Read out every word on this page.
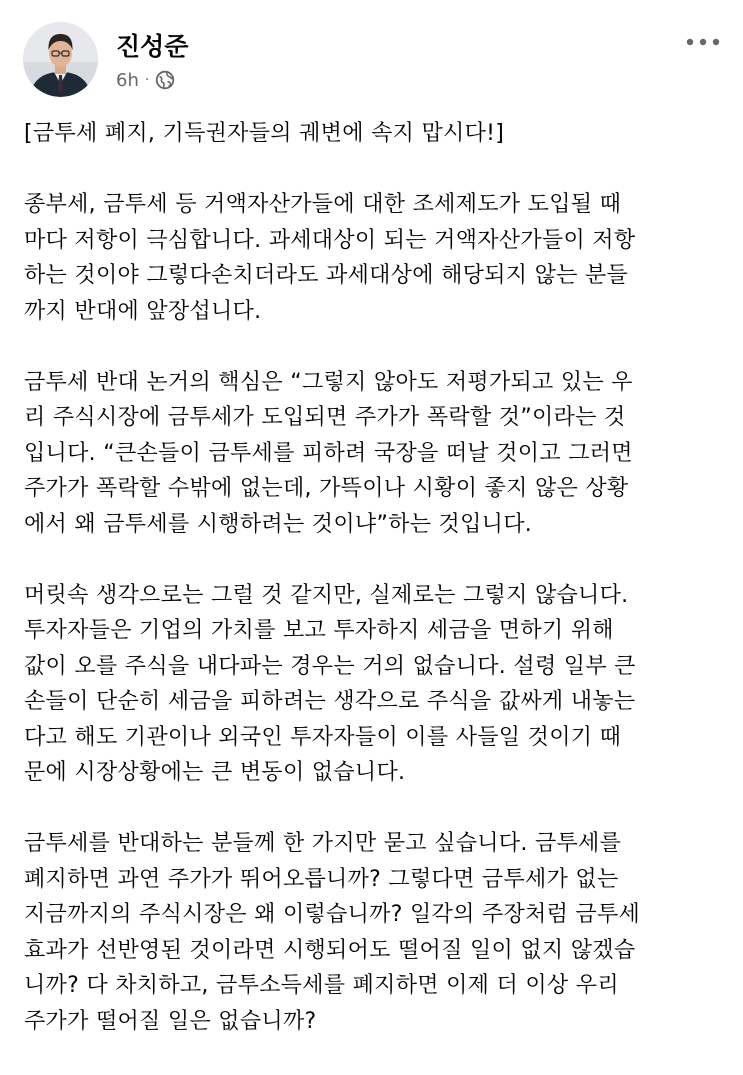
진성준
6h ·
[금투세 폐지, 기득권자들의 궤변에 속지 맙시다!]
종부세, 금투세 등 거액자산가들에 대한 조세제도가 도입될 때
마다 저항이 극심합니다. 과세대상이 되는 거액자산가들이 저항
하는 것이야 그렇다손치더라도 과세대상에 해당되지 않는 분들
까지 반대에 앞장섭니다.
금투세 반대 논거의 핵심은 “그렇지 않아도 저평가되고 있는 우
리 주식시장에 금투세가 도입되면 주가가 폭락할 것”이라는 것
입니다. “큰손들이 금투세를 피하려 국장을 떠날 것이고 그러면
주가가 폭락할 수밖에 없는데, 가뜩이나 시황이 좋지 않은 상황
에서 왜 금투세를 시행하려는 것이냐”하는 것입니다.
머릿속 생각으로는 그럴 것 같지만, 실제로는 그렇지 않습니다.
투자자들은 기업의 가치를 보고 투자하지 세금을 면하기 위해
값이 오를 주식을 내다파는 경우는 거의 없습니다. 설령 일부 큰
손들이 단순히 세금을 피하려는 생각으로 주식을 값싸게 내놓는
다고 해도 기관이나 외국인 투자자들이 이를 사들일 것이기 때
문에 시장상황에는 큰 변동이 없습니다.
금투세를 반대하는 분들께 한 가지만 묻고 싶습니다. 금투세를
폐지하면 과연 주가가 뛰어오릅니까? 그렇다면 금투세가 없는
지금까지의 주식시장은 왜 이렇습니까? 일각의 주장처럼 금투세
효과가 선반영된 것이라면 시행되어도 떨어질 일이 없지 않겠습
니까? 다 차치하고, 금투소득세를 폐지하면 이제 더 이상 우리
주가가 떨어질 일은 없습니까?
